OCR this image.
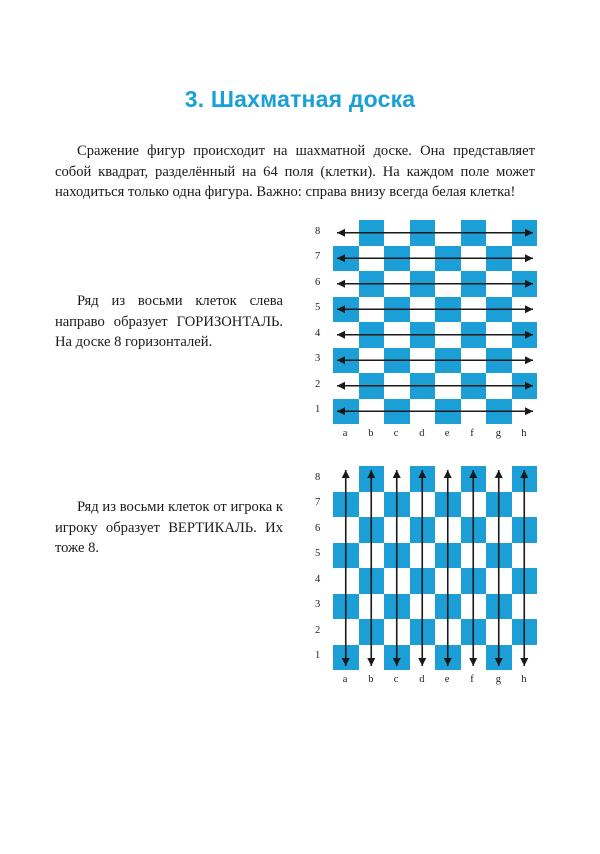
3. Шахматная доска

Сражение фигур происходит на шахматной доске. Она представляет собой квадрат, разделённый на 64 поля (клетки). На каждом поле может находиться только одна фигура. Важно: справа внизу всегда белая клетка!

Ряд из восьми клеток слева направо образует ГОРИЗОНТАЛЬ. На доске 8 горизонталей.

Ряд из восьми клеток от игрока к игроку образует ВЕРТИКАЛЬ. Их тоже 8.

8
7
6
5
4
3
2
1
a b c d e f g h
8
7
6
5
4
3
2
1
a b c d e f g h
